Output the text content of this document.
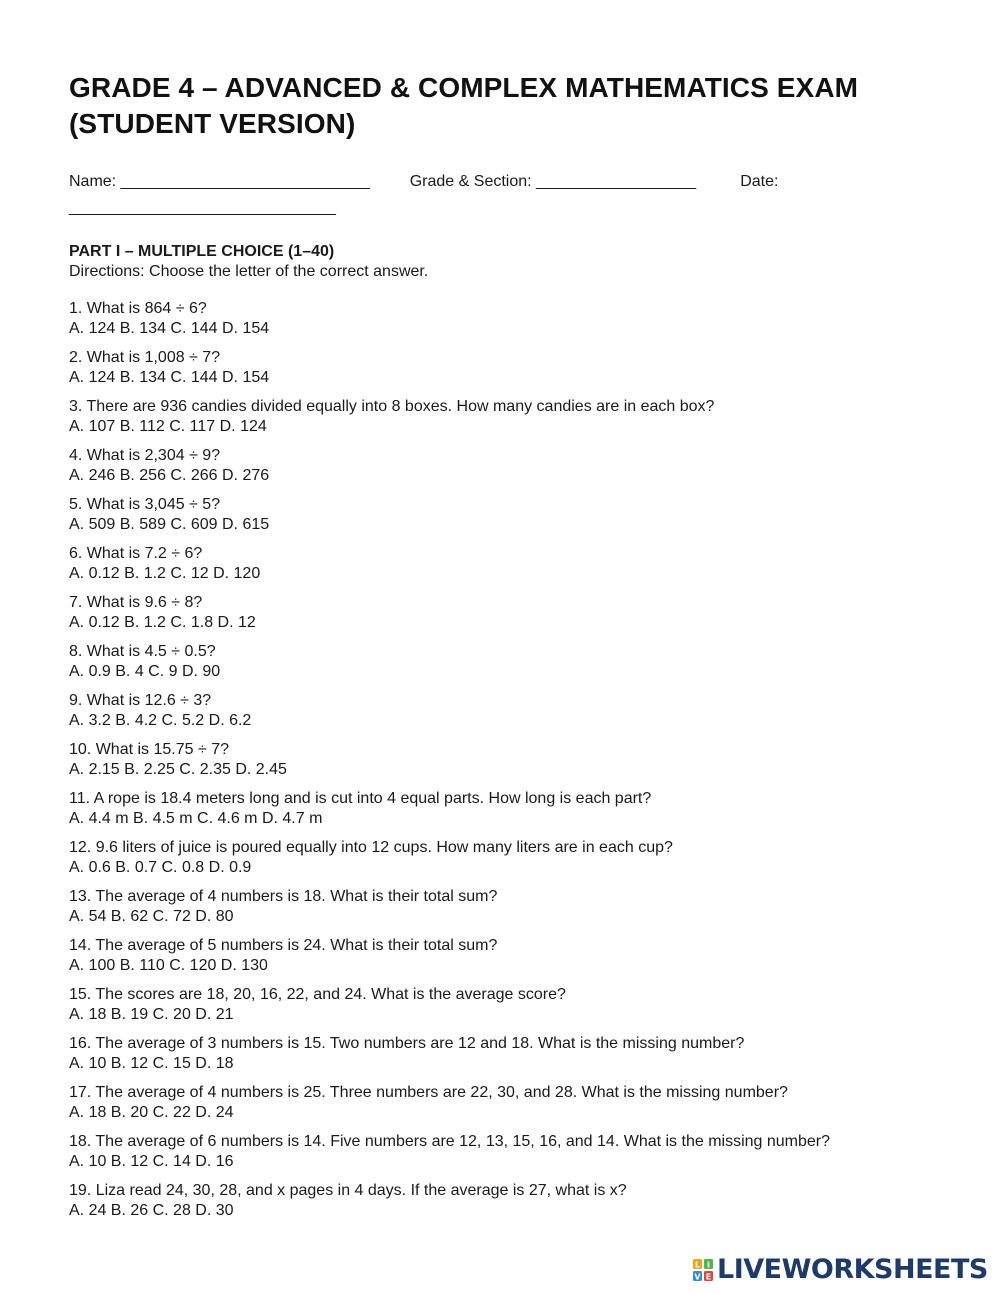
GRADE 4 – ADVANCED & COMPLEX MATHEMATICS EXAM (STUDENT VERSION)
Name: ____________________________	Grade & Section: __________________	Date:
______________________________
PART I – MULTIPLE CHOICE (1–40)
Directions: Choose the letter of the correct answer.
1. What is 864 ÷ 6?
A. 124 B. 134 C. 144 D. 154
2. What is 1,008 ÷ 7?
A. 124 B. 134 C. 144 D. 154
3. There are 936 candies divided equally into 8 boxes. How many candies are in each box?
A. 107 B. 112 C. 117 D. 124
4. What is 2,304 ÷ 9?
A. 246 B. 256 C. 266 D. 276
5. What is 3,045 ÷ 5?
A. 509 B. 589 C. 609 D. 615
6. What is 7.2 ÷ 6?
A. 0.12 B. 1.2 C. 12 D. 120
7. What is 9.6 ÷ 8?
A. 0.12 B. 1.2 C. 1.8 D. 12
8. What is 4.5 ÷ 0.5?
A. 0.9 B. 4 C. 9 D. 90
9. What is 12.6 ÷ 3?
A. 3.2 B. 4.2 C. 5.2 D. 6.2
10. What is 15.75 ÷ 7?
A. 2.15 B. 2.25 C. 2.35 D. 2.45
11. A rope is 18.4 meters long and is cut into 4 equal parts. How long is each part?
A. 4.4 m B. 4.5 m C. 4.6 m D. 4.7 m
12. 9.6 liters of juice is poured equally into 12 cups. How many liters are in each cup?
A. 0.6 B. 0.7 C. 0.8 D. 0.9
13. The average of 4 numbers is 18. What is their total sum?
A. 54 B. 62 C. 72 D. 80
14. The average of 5 numbers is 24. What is their total sum?
A. 100 B. 110 C. 120 D. 130
15. The scores are 18, 20, 16, 22, and 24. What is the average score?
A. 18 B. 19 C. 20 D. 21
16. The average of 3 numbers is 15. Two numbers are 12 and 18. What is the missing number?
A. 10 B. 12 C. 15 D. 18
17. The average of 4 numbers is 25. Three numbers are 22, 30, and 28. What is the missing number?
A. 18 B. 20 C. 22 D. 24
18. The average of 6 numbers is 14. Five numbers are 12, 13, 15, 16, and 14. What is the missing number?
A. 10 B. 12 C. 14 D. 16
19. Liza read 24, 30, 28, and x pages in 4 days. If the average is 27, what is x?
A. 24 B. 26 C. 28 D. 30
L I
V E LIVEWORKSHEETS
